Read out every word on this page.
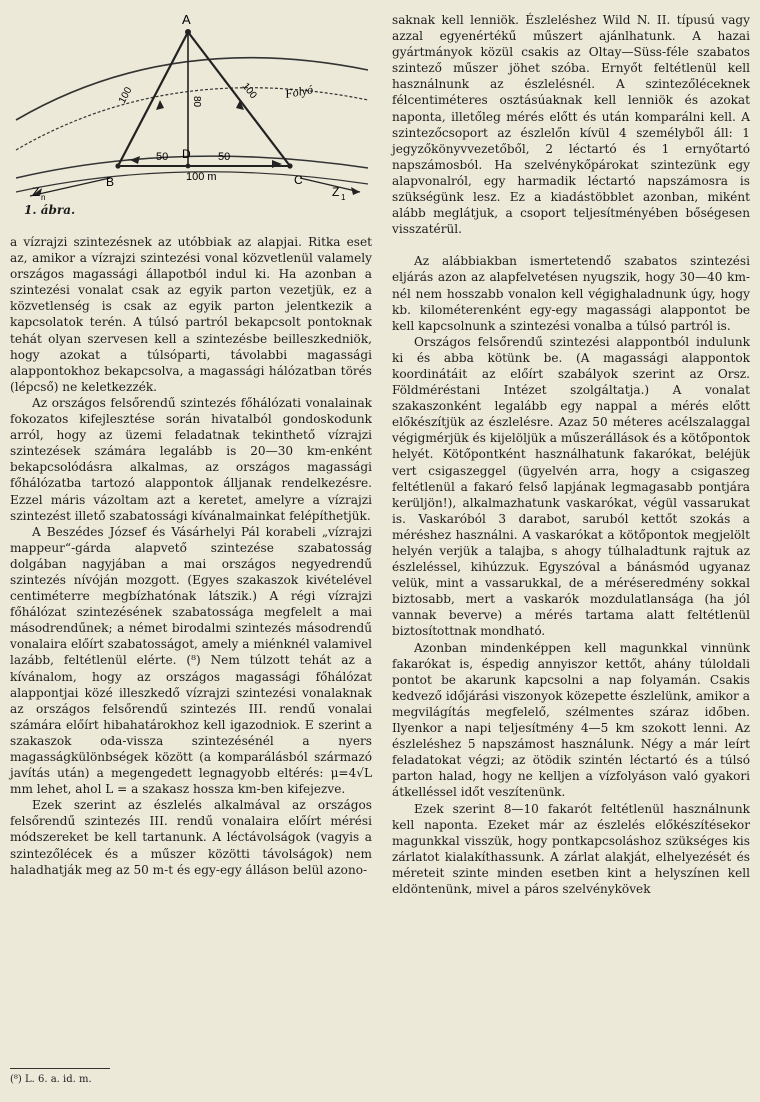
A
B	C
D
Folyó
100	100
80
50	50
100 m
Z n	Z 1
1. ábra.

a vízrajzi szintezésnek az utóbbiak az alapjai. Ritka eset az, amikor a vízrajzi szintezési vonal közvetlenül valamely országos magassági állapotból indul ki. Ha azonban a szintezési vonalat csak az egyik parton vezetjük, ez a közvetlenség is csak az egyik parton jelentkezik a kapcsolatok terén. A túlsó partról bekapcsolt pontoknak tehát olyan szervesen kell a szintezésbe beilleszkedniök, hogy azokat a túlsóparti, távolabbi magassági alappontokhoz bekapcsolva, a magassági hálózatban törés (lépcső) ne keletkezzék.

Az országos felsőrendű szintezés főhálózati vonalainak fokozatos kifejlesztése során hivatalból gondoskodunk arról, hogy az üzemi feladatnak tekinthető vízrajzi szintezések számára legalább is 20—30 km-enként bekapcsolódásra alkalmas, az országos magassági főhálózatba tartozó alappontok álljanak rendelkezésre. Ezzel máris vázoltam azt a keretet, amelyre a vízrajzi szintezést illető szabatossági kívánalmainkat felépíthetjük.

A Beszédes József és Vásárhelyi Pál korabeli „vízrajzi mappeur“-gárda alapvető szintezése szabatosság dolgában nagyjában a mai országos negyedrendű szintezés nívóján mozgott. (Egyes szakaszok kivételével centiméterre megbízhatónak látszik.) A régi vízrajzi főhálózat szintezésének szabatossága megfelelt a mai másodrendűnek; a német birodalmi szintezés másodrendű vonalaira előírt szabatosságot, amely a miénknél valamivel lazább, feltétlenül elérte. (⁸) Nem túlzott tehát az a kívánalom, hogy az országos magassági főhálózat alappontjai közé illeszkedő vízrajzi szintezési vonalaknak az országos felsőrendű szintezés III. rendű vonalai számára előírt hibahatárokhoz kell igazodniok. E szerint a szakaszok oda-vissza szintezésénél a nyers magasságkülönbségek között (a komparálásból származó javítás után) a megengedett legnagyobb eltérés: μ=4√L mm lehet, ahol L = a szakasz hossza km-ben kifejezve.

Ezek szerint az észlelés alkalmával az országos felsőrendű szintezés III. rendű vonalaira előírt mérési módszereket be kell tartanunk. A léctávolságok (vagyis a szintezőlécek és a műszer közötti távolságok) nem haladhatják meg az 50 m-t és egy-egy álláson belül azono-

saknak kell lenniök. Észleléshez Wild N. II. típusú vagy azzal egyenértékű műszert ajánlhatunk. A hazai gyártmányok közül csakis az Oltay—Süss-féle szabatos szintező műszer jöhet szóba. Ernyőt feltétlenül kell használnunk az észlelésnél. A szintezőléceknek félcentiméteres osztásúaknak kell lenniök és azokat naponta, illetőleg mérés előtt és után komparálni kell. A szintezőcsoport az észlelőn kívül 4 személyből áll: 1 jegyzőkönyvvezetőből, 2 léctartó és 1 ernyőtartó napszámosból. Ha szelvénykőpárokat szintezünk egy alapvonalról, egy harmadik léctartó napszámosra is szükségünk lesz. Ez a kiadástöbblet azonban, miként alább meglátjuk, a csoport teljesítményében bőségesen visszatérül.

Az alábbiakban ismertetendő szabatos szintezési eljárás azon az alapfelvetésen nyugszik, hogy 30—40 km-nél nem hosszabb vonalon kell végighaladnunk úgy, hogy kb. kilométerenként egy-egy magassági alappontot be kell kapcsolnunk a szintezési vonalba a túlsó partról is.

Országos felsőrendű szintezési alappontból indulunk ki és abba kötünk be. (A magassági alappontok koordinátáit az előírt szabályok szerint az Orsz. Földméréstani Intézet szolgáltatja.) A vonalat szakaszonként legalább egy nappal a mérés előtt előkészítjük az észlelésre. Azaz 50 méteres acélszalaggal végigmérjük és kijelöljük a műszerállások és a kötőpontok helyét. Kötőpontként használhatunk fakarókat, beléjük vert csigaszeggel (ügyelvén arra, hogy a csigaszeg feltétlenül a fakaró felső lapjának legmagasabb pontjára kerüljön!), alkalmazhatunk vaskarókat, végül vassarukat is. Vaskaróból 3 darabot, saruból kettőt szokás a méréshez használni. A vaskarókat a kötőpontok megjelölt helyén verjük a talajba, s ahogy túlhaladtunk rajtuk az észleléssel, kihúzzuk. Egyszóval a bánásmód ugyanaz velük, mint a vassarukkal, de a méréseredmény sokkal biztosabb, mert a vaskarók mozdulatlansága (ha jól vannak beverve) a mérés tartama alatt feltétlenül biztosítottnak mondható.

Azonban mindenképpen kell magunkkal vinnünk fakarókat is, éspedig annyiszor kettőt, ahány túloldali pontot be akarunk kapcsolni a nap folyamán. Csakis kedvező időjárási viszonyok közepette észlelünk, amikor a megvilágítás megfelelő, szélmentes száraz időben. Ilyenkor a napi teljesítmény 4—5 km szokott lenni. Az észleléshez 5 napszámost használunk. Négy a már leírt feladatokat végzi; az ötödik szintén léctartó és a túlsó parton halad, hogy ne kelljen a vízfolyáson való gyakori átkelléssel időt veszítenünk.

Ezek szerint 8—10 fakarót feltétlenül használnunk kell naponta. Ezeket már az észlelés előkészítésekor magunkkal visszük, hogy pontkapcsoláshoz szükséges kis zárlatot kialakíthassunk. A zárlat alakját, elhelyezését és méreteit szinte minden esetben kint a helyszínen kell eldöntenünk, mivel a páros szelvénykövek

(⁸) L. 6. a. id. m.
